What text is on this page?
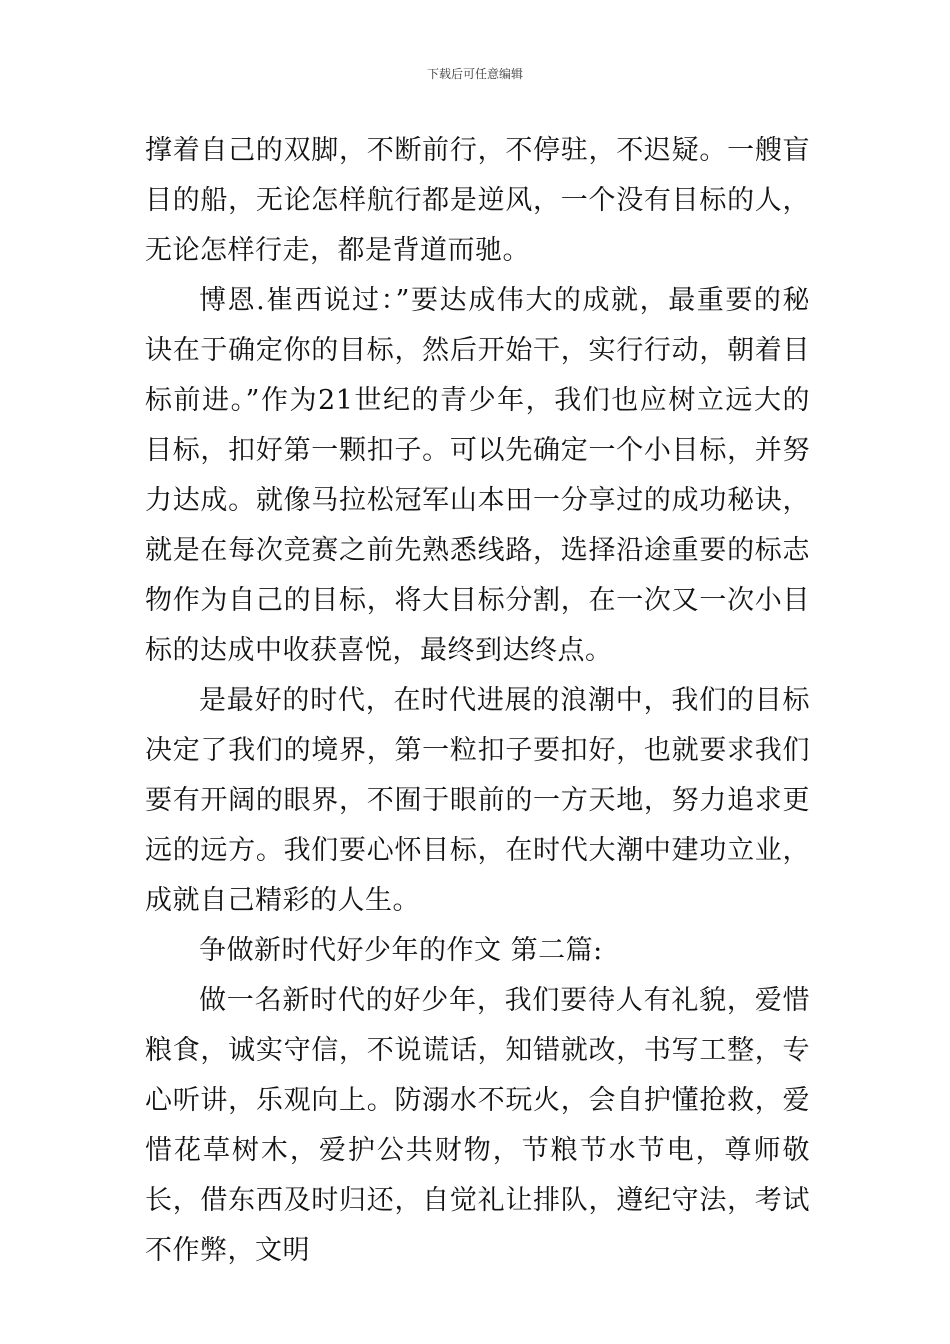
下载后可任意编辑

撑着自己的双脚，不断前行，不停驻，不迟疑。一艘盲目的船，无论怎样航行都是逆风，一个没有目标的人，无论怎样行走，都是背道而驰。

博恩.崔西说过：”要达成伟大的成就，最重要的秘诀在于确定你的目标，然后开始干，实行行动，朝着目标前进。”作为21世纪的青少年，我们也应树立远大的目标，扣好第一颗扣子。可以先确定一个小目标，并努力达成。就像马拉松冠军山本田一分享过的成功秘诀，就是在每次竞赛之前先熟悉线路，选择沿途重要的标志物作为自己的目标，将大目标分割，在一次又一次小目标的达成中收获喜悦，最终到达终点。

是最好的时代，在时代进展的浪潮中，我们的目标决定了我们的境界，第一粒扣子要扣好，也就要求我们要有开阔的眼界，不囿于眼前的一方天地，努力追求更远的远方。我们要心怀目标，在时代大潮中建功立业，成就自己精彩的人生。

争做新时代好少年的作文 第二篇:

做一名新时代的好少年，我们要待人有礼貌，爱惜粮食，诚实守信，不说谎话，知错就改，书写工整，专心听讲，乐观向上。防溺水不玩火，会自护懂抢救，爱惜花草树木，爱护公共财物，节粮节水节电，尊师敬长，借东西及时归还，自觉礼让排队，遵纪守法，考试不作弊，文明
